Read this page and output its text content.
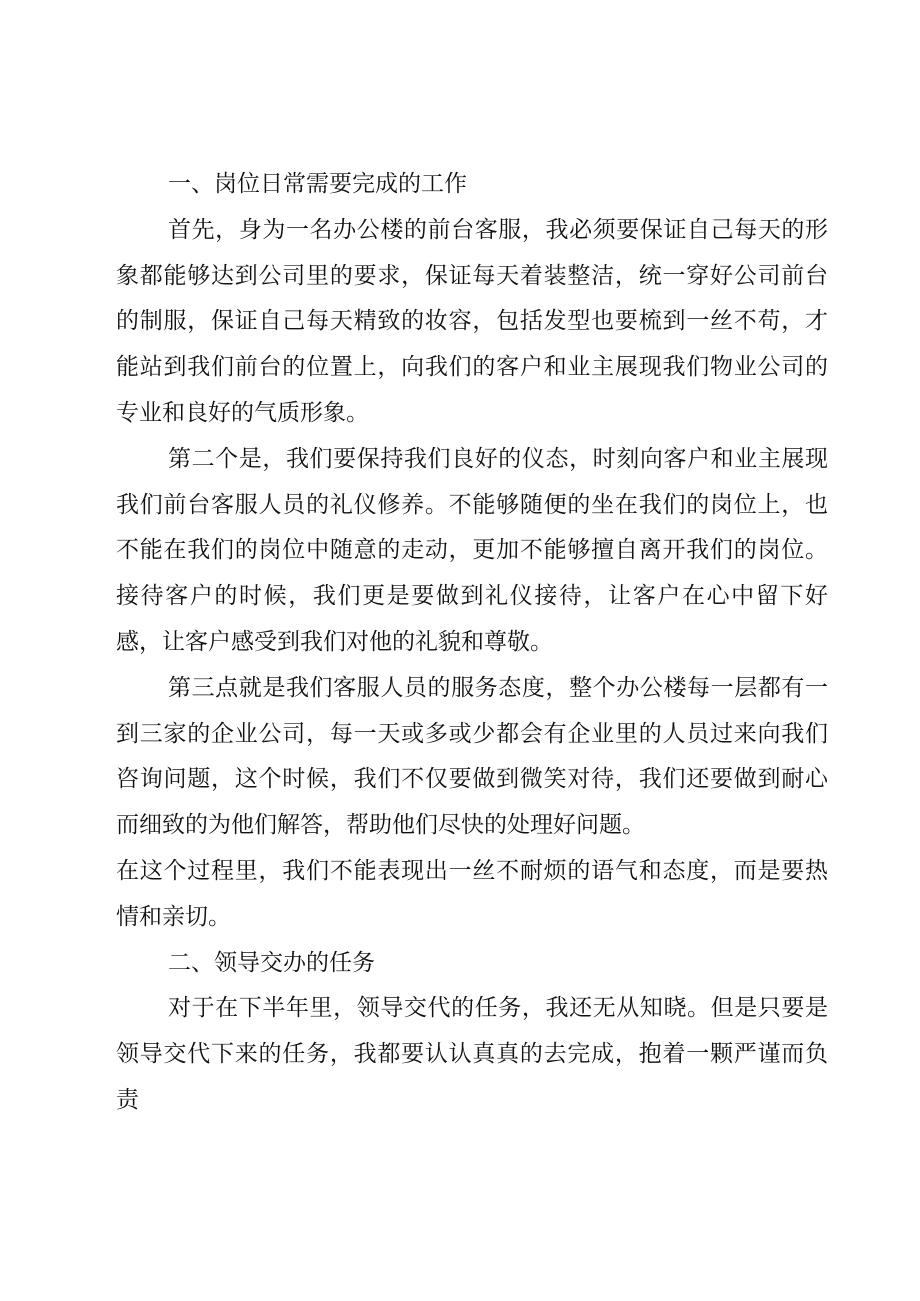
一、岗位日常需要完成的工作

首先，身为一名办公楼的前台客服，我必须要保证自己每天的形象都能够达到公司里的要求，保证每天着装整洁，统一穿好公司前台的制服，保证自己每天精致的妆容，包括发型也要梳到一丝不苟，才能站到我们前台的位置上，向我们的客户和业主展现我们物业公司的专业和良好的气质形象。

第二个是，我们要保持我们良好的仪态，时刻向客户和业主展现我们前台客服人员的礼仪修养。不能够随便的坐在我们的岗位上，也不能在我们的岗位中随意的走动，更加不能够擅自离开我们的岗位。接待客户的时候，我们更是要做到礼仪接待，让客户在心中留下好感，让客户感受到我们对他的礼貌和尊敬。

第三点就是我们客服人员的服务态度，整个办公楼每一层都有一到三家的企业公司，每一天或多或少都会有企业里的人员过来向我们咨询问题，这个时候，我们不仅要做到微笑对待，我们还要做到耐心而细致的为他们解答，帮助他们尽快的处理好问题。

在这个过程里，我们不能表现出一丝不耐烦的语气和态度，而是要热情和亲切。

二、领导交办的任务

对于在下半年里，领导交代的任务，我还无从知晓。但是只要是领导交代下来的任务，我都要认认真真的去完成，抱着一颗严谨而负责
